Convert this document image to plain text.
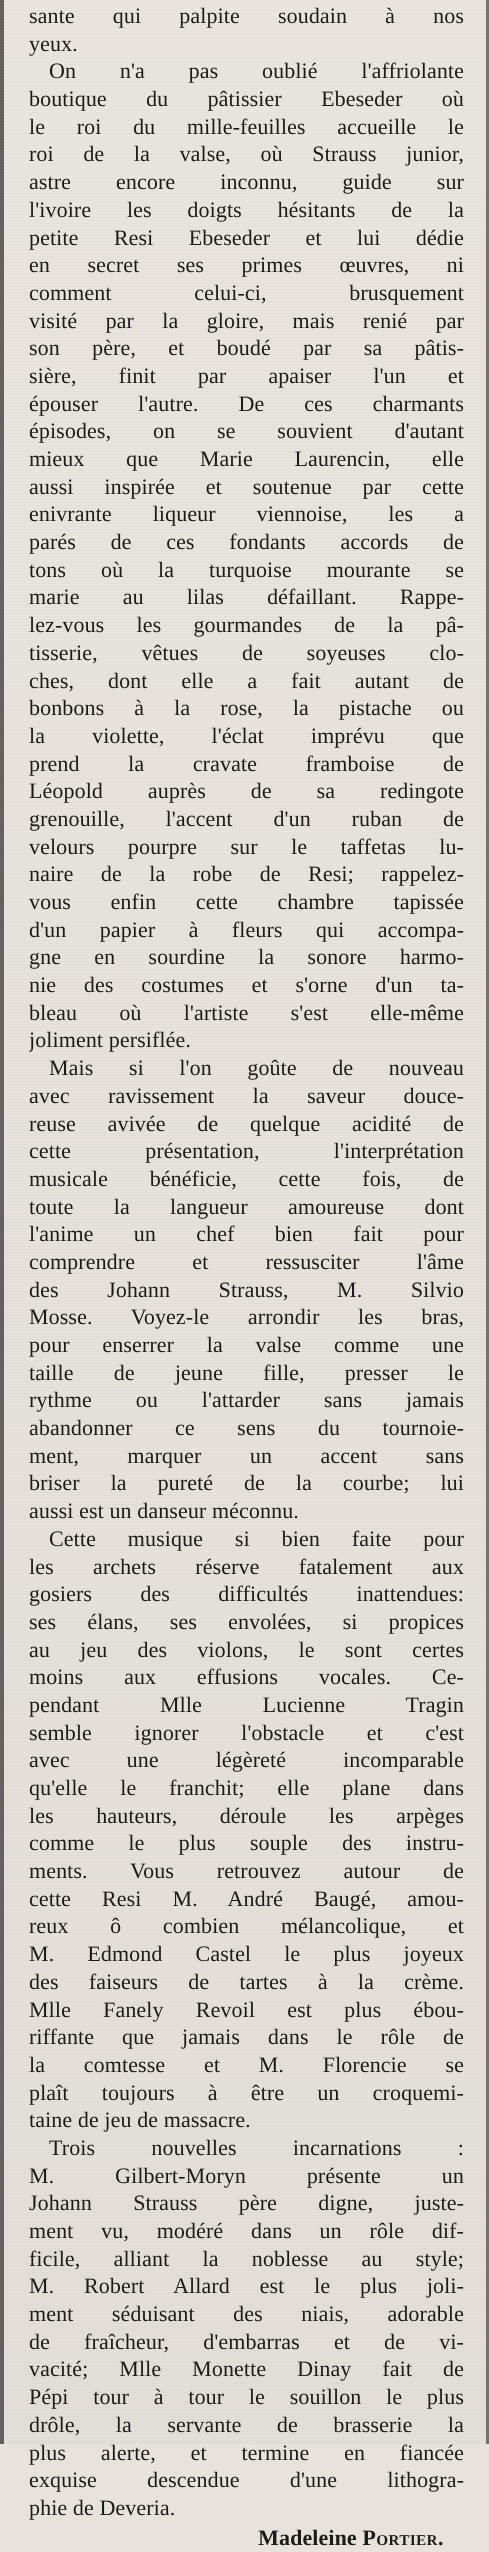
sante qui palpite soudain à nos
yeux.
On n'a pas oublié l'affriolante
boutique du pâtissier Ebeseder où
le roi du mille-feuilles accueille le
roi de la valse, où Strauss junior,
astre encore inconnu, guide sur
l'ivoire les doigts hésitants de la
petite Resi Ebeseder et lui dédie
en secret ses primes œuvres, ni
comment celui-ci, brusquement
visité par la gloire, mais renié par
son père, et boudé par sa pâtis-
sière, finit par apaiser l'un et
épouser l'autre. De ces charmants
épisodes, on se souvient d'autant
mieux que Marie Laurencin, elle
aussi inspirée et soutenue par cette
enivrante liqueur viennoise, les a
parés de ces fondants accords de
tons où la turquoise mourante se
marie au lilas défaillant. Rappe-
lez-vous les gourmandes de la pâ-
tisserie, vêtues de soyeuses clo-
ches, dont elle a fait autant de
bonbons à la rose, la pistache ou
la violette, l'éclat imprévu que
prend la cravate framboise de
Léopold auprès de sa redingote
grenouille, l'accent d'un ruban de
velours pourpre sur le taffetas lu-
naire de la robe de Resi; rappelez-
vous enfin cette chambre tapissée
d'un papier à fleurs qui accompa-
gne en sourdine la sonore harmo-
nie des costumes et s'orne d'un ta-
bleau où l'artiste s'est elle-même
joliment persiflée.
Mais si l'on goûte de nouveau
avec ravissement la saveur douce-
reuse avivée de quelque acidité de
cette présentation, l'interprétation
musicale bénéficie, cette fois, de
toute la langueur amoureuse dont
l'anime un chef bien fait pour
comprendre et ressusciter l'âme
des Johann Strauss, M. Silvio
Mosse. Voyez-le arrondir les bras,
pour enserrer la valse comme une
taille de jeune fille, presser le
rythme ou l'attarder sans jamais
abandonner ce sens du tournoie-
ment, marquer un accent sans
briser la pureté de la courbe; lui
aussi est un danseur méconnu.
Cette musique si bien faite pour
les archets réserve fatalement aux
gosiers des difficultés inattendues:
ses élans, ses envolées, si propices
au jeu des violons, le sont certes
moins aux effusions vocales. Ce-
pendant Mlle Lucienne Tragin
semble ignorer l'obstacle et c'est
avec une légèreté incomparable
qu'elle le franchit; elle plane dans
les hauteurs, déroule les arpèges
comme le plus souple des instru-
ments. Vous retrouvez autour de
cette Resi M. André Baugé, amou-
reux ô combien mélancolique, et
M. Edmond Castel le plus joyeux
des faiseurs de tartes à la crème.
Mlle Fanely Revoil est plus ébou-
riffante que jamais dans le rôle de
la comtesse et M. Florencie se
plaît toujours à être un croquemi-
taine de jeu de massacre.
Trois nouvelles incarnations :
M. Gilbert-Moryn présente un
Johann Strauss père digne, juste-
ment vu, modéré dans un rôle dif-
ficile, alliant la noblesse au style;
M. Robert Allard est le plus joli-
ment séduisant des niais, adorable
de fraîcheur, d'embarras et de vi-
vacité; Mlle Monette Dinay fait de
Pépi tour à tour le souillon le plus
drôle, la servante de brasserie la
plus alerte, et termine en fiancée
exquise descendue d'une lithogra-
phie de Deveria.
Madeleine Portier.
